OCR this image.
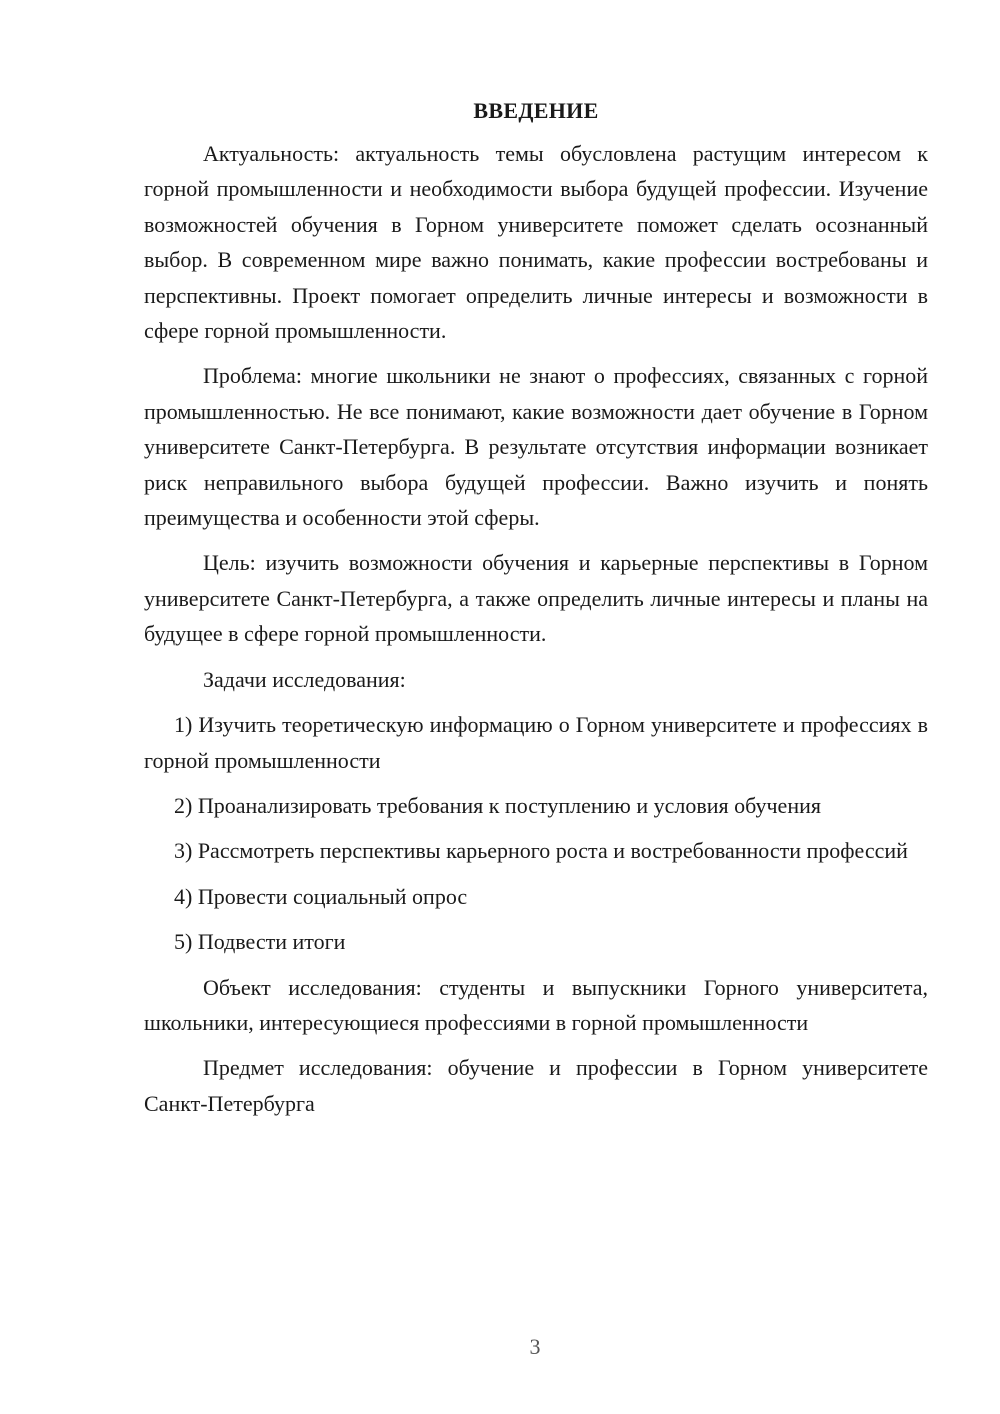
ВВЕДЕНИЕ

Актуальность: актуальность темы обусловлена растущим интересом к горной промышленности и необходимости выбора будущей профессии. Изучение возможностей обучения в Горном университете поможет сделать осознанный выбор. В современном мире важно понимать, какие профессии востребованы и перспективны. Проект помогает определить личные интересы и возможности в сфере горной промышленности.

Проблема: многие школьники не знают о профессиях, связанных с горной промышленностью. Не все понимают, какие возможности дает обучение в Горном университете Санкт-Петербурга. В результате отсутствия информации возникает риск неправильного выбора будущей профессии. Важно изучить и понять преимущества и особенности этой сферы.

Цель: изучить возможности обучения и карьерные перспективы в Горном университете Санкт-Петербурга, а также определить личные интересы и планы на будущее в сфере горной промышленности.

Задачи исследования:

1) Изучить теоретическую информацию о Горном университете и профессиях в горной промышленности

2) Проанализировать требования к поступлению и условия обучения

3) Рассмотреть перспективы карьерного роста и востребованности профессий

4) Провести социальный опрос

5) Подвести итоги

Объект исследования: студенты и выпускники Горного университета, школьники, интересующиеся профессиями в горной промышленности

Предмет исследования: обучение и профессии в Горном университете Санкт-Петербурга

3
